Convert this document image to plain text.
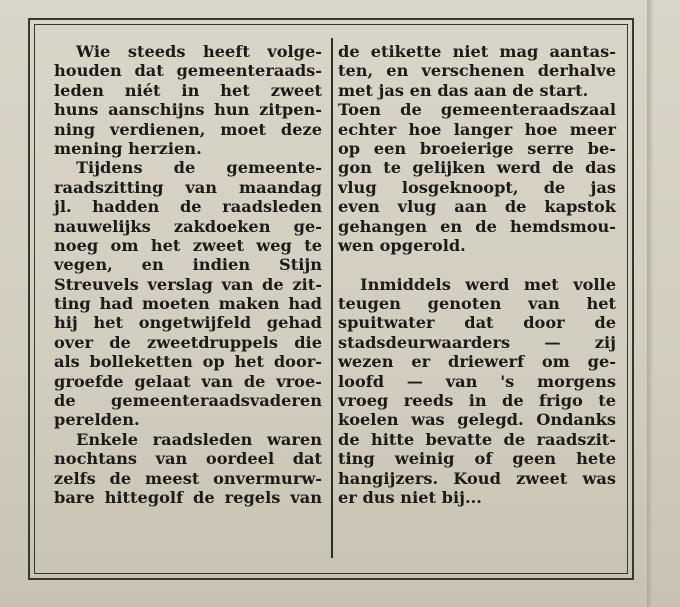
Wie steeds heeft volge-
houden dat gemeenteraads-
leden niét in het zweet
huns aanschijns hun zitpen-
ning verdienen, moet deze
mening herzien.
Tijdens de gemeente-
raadszitting van maandag
jl. hadden de raadsleden
nauwelijks zakdoeken ge-
noeg om het zweet weg te
vegen, en indien Stijn
Streuvels verslag van de zit-
ting had moeten maken had
hij het ongetwijfeld gehad
over de zweetdruppels die
als bolleketten op het door-
groefde gelaat van de vroe-
de gemeenteraadsvaderen
perelden.
Enkele raadsleden waren
nochtans van oordeel dat
zelfs de meest onvermurw-
bare hittegolf de regels van
de etikette niet mag aantas-
ten, en verschenen derhalve
met jas en das aan de start.
Toen de gemeenteraadszaal
echter hoe langer hoe meer
op een broeierige serre be-
gon te gelijken werd de das
vlug losgeknoopt, de jas
even vlug aan de kapstok
gehangen en de hemdsmou-
wen opgerold.
Inmiddels werd met volle
teugen genoten van het
spuitwater dat door de
stadsdeurwaarders — zij
wezen er driewerf om ge-
loofd — van 's morgens
vroeg reeds in de frigo te
koelen was gelegd. Ondanks
de hitte bevatte de raadszit-
ting weinig of geen hete
hangijzers. Koud zweet was
er dus niet bij...
